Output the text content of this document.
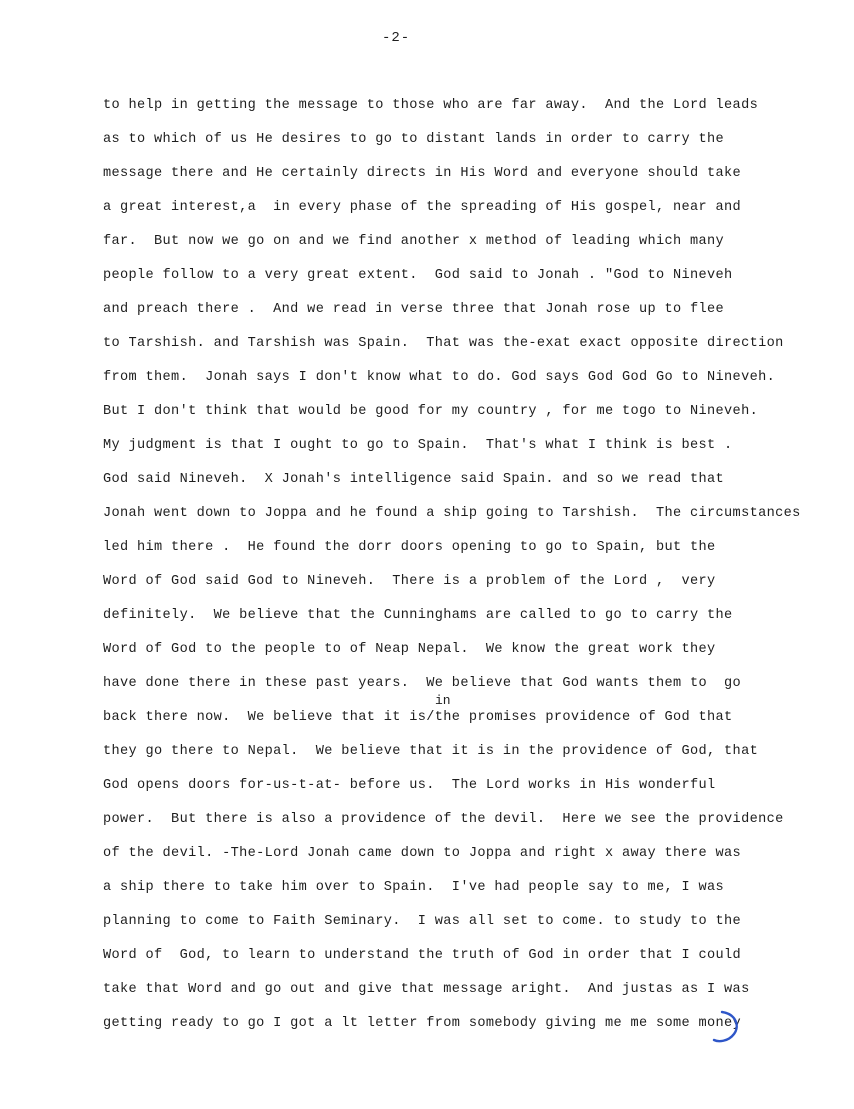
-2-
to help in getting the message to those who are far away.  And the Lord leads
as to which of us He desires to go to distant lands in order to carry the
message there and He certainly directs in His Word and everyone should take
a great interest,a  in every phase of the spreading of His gospel, near and
far.  But now we go on and we find another x method of leading which many
people follow to a very great extent.  God said to Jonah . "God to Nineveh
and preach there .  And we read in verse three that Jonah rose up to flee
to Tarshish. and Tarshish was Spain.  That was the-exat exact opposite direction
from them.  Jonah says I don't know what to do. God says God God Go to Nineveh.
But I don't think that would be good for my country , for me togo to Nineveh.
My judgment is that I ought to go to Spain.  That's what I think is best .
God said Nineveh.  X Jonah's intelligence said Spain. and so we read that
Jonah went down to Joppa and he found a ship going to Tarshish.  The circumstances
led him there .  He found the dorr doors opening to go to Spain, but the
Word of God said God to Nineveh.  There is a problem of the Lord ,  very
definitely.  We believe that the Cunninghams are called to go to carry the
Word of God to the people to of Neap Nepal.  We know the great work they
have done there in these past years.  We believe that God wants them to  go
in
back there now.  We believe that it is/the promises providence of God that
they go there to Nepal.  We believe that it is in the providence of God, that
God opens doors for-us-t-at- before us.  The Lord works in His wonderful
power.  But there is also a providence of the devil.  Here we see the providence
of the devil. -The-Lord Jonah came down to Joppa and right x away there was
a ship there to take him over to Spain.  I've had people say to me, I was
planning to come to Faith Seminary.  I was all set to come. to study to the
Word of  God, to learn to understand the truth of God in order that I could
take that Word and go out and give that message aright.  And justas as I was
getting ready to go I got a lt letter from somebody giving me me some money
